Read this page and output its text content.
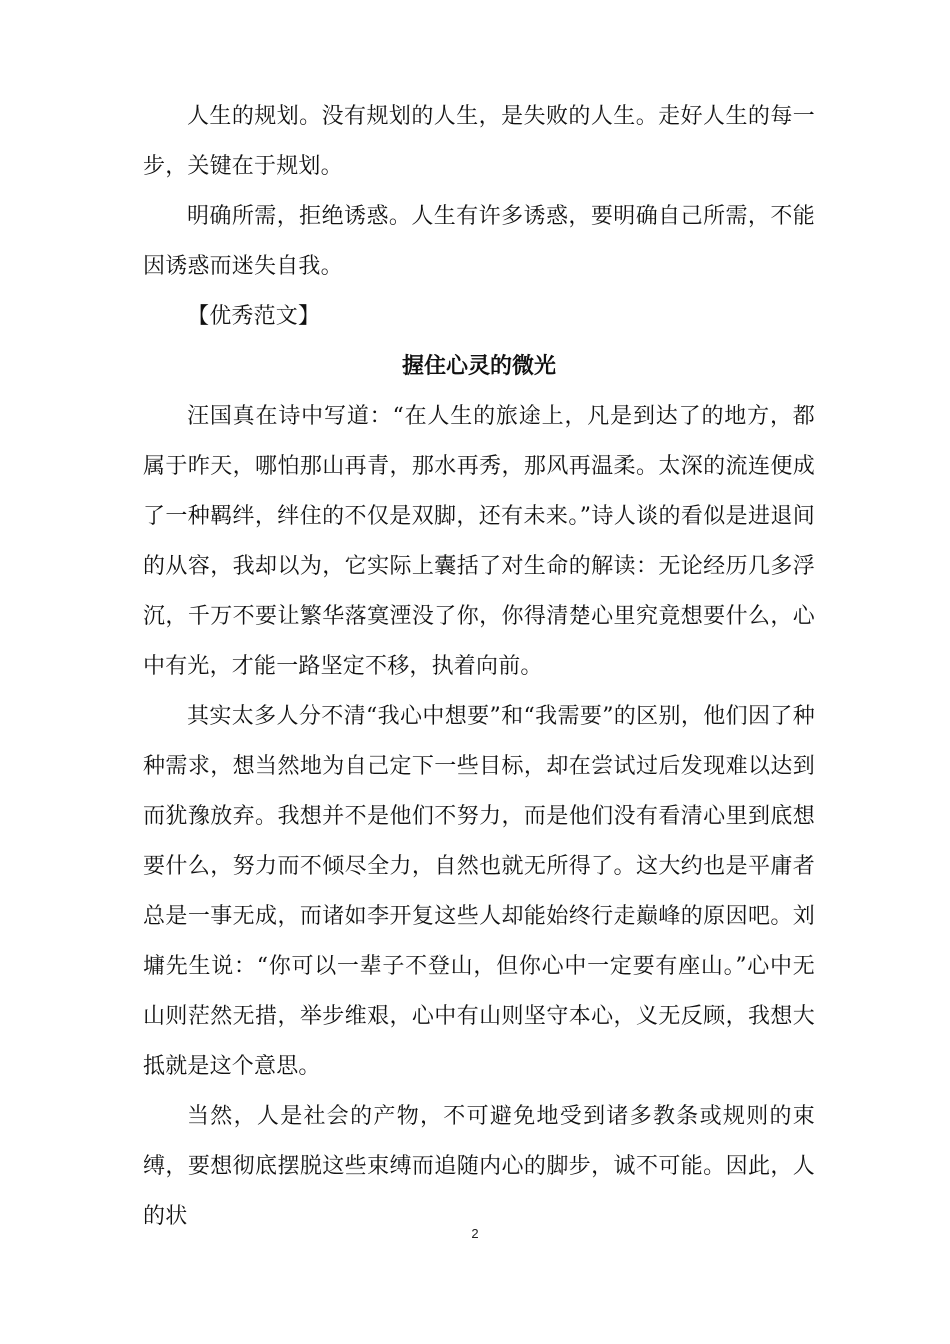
人生的规划。没有规划的人生，是失败的人生。走好人生的每一步，关键在于规划。

明确所需，拒绝诱惑。人生有许多诱惑，要明确自己所需，不能因诱惑而迷失自我。

【优秀范文】

握住心灵的微光

汪国真在诗中写道：“在人生的旅途上，凡是到达了的地方，都属于昨天，哪怕那山再青，那水再秀，那风再温柔。太深的流连便成了一种羁绊，绊住的不仅是双脚，还有未来。”诗人谈的看似是进退间的从容，我却以为，它实际上囊括了对生命的解读：无论经历几多浮沉，千万不要让繁华落寞湮没了你，你得清楚心里究竟想要什么，心中有光，才能一路坚定不移，执着向前。

其实太多人分不清“我心中想要”和“我需要”的区别，他们因了种种需求，想当然地为自己定下一些目标，却在尝试过后发现难以达到而犹豫放弃。我想并不是他们不努力，而是他们没有看清心里到底想要什么，努力而不倾尽全力，自然也就无所得了。这大约也是平庸者总是一事无成，而诸如李开复这些人却能始终行走巅峰的原因吧。刘墉先生说：“你可以一辈子不登山，但你心中一定要有座山。”心中无山则茫然无措，举步维艰，心中有山则坚守本心，义无反顾，我想大抵就是这个意思。

当然，人是社会的产物，不可避免地受到诸多教条或规则的束缚，要想彻底摆脱这些束缚而追随内心的脚步，诚不可能。因此，人的状

2
